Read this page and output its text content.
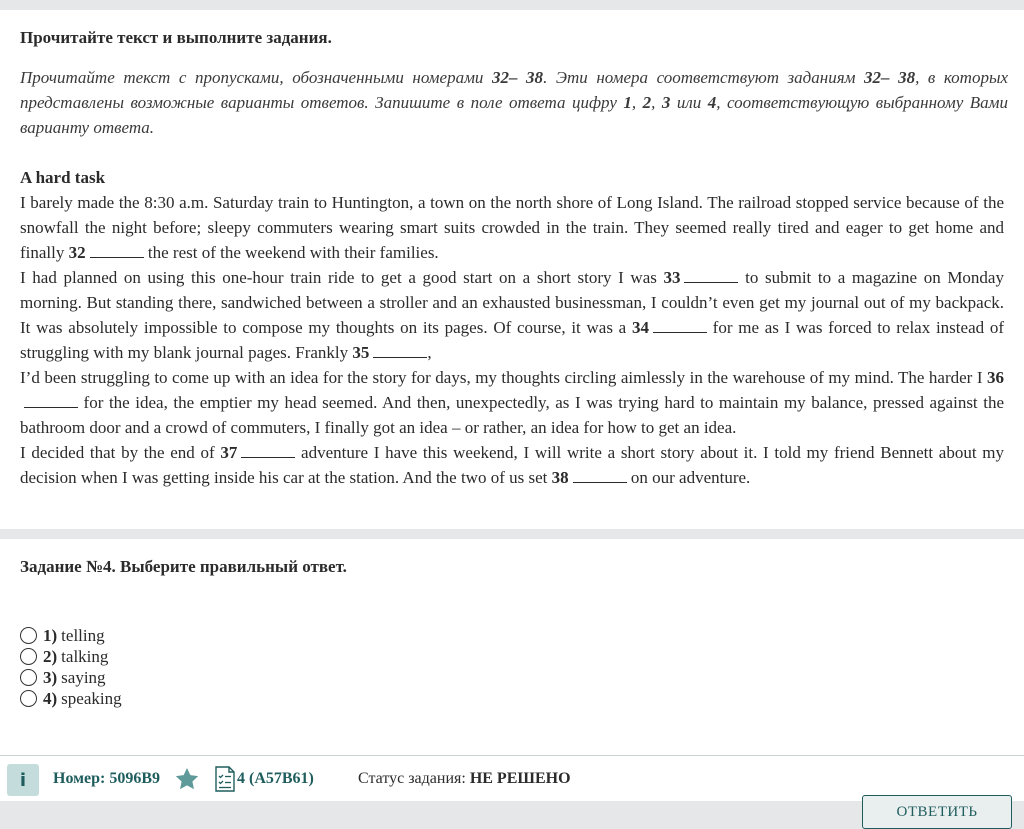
Прочитайте текст и выполните задания.
Прочитайте текст с пропусками, обозначенными номерами 32– 38. Эти номера соответствуют заданиям 32– 38, в которых представлены возможные варианты ответов. Запишите в поле ответа цифру 1, 2, 3 или 4, соответствующую выбранному Вами варианту ответа.
A hard task

I barely made the 8:30 a.m. Saturday train to Huntington, a town on the north shore of Long Island. The railroad stopped service because of the snowfall the night before; sleepy commuters wearing smart suits crowded in the train. They seemed really tired and eager to get home and finally 32	the rest of the weekend with their families.

I had planned on using this one-hour train ride to get a good start on a short story I was 33	to submit to a magazine on Monday morning. But standing there, sandwiched between a stroller and an exhausted businessman, I couldn’t even get my journal out of my backpack. It was absolutely impossible to compose my thoughts on its pages. Of course, it was a 34	for me as I was forced to relax instead of struggling with my blank journal pages. Frankly 35	,

I’d been struggling to come up with an idea for the story for days, my thoughts circling aimlessly in the warehouse of my mind. The harder I 36 for the idea, the emptier my head seemed. And then, unexpectedly, as I was trying hard to maintain my balance, pressed against the bathroom door and a crowd of commuters, I finally got an idea – or rather, an idea for how to get an idea.

I decided that by the end of 37	adventure I have this weekend, I will write a short story about it. I told my friend Bennett about my decision when I was getting inside his car at the station. And the two of us set 38	on our adventure.

Задание №4. Выберите правильный ответ.
1) telling
2) talking
3) saying
4) speaking
i	Номер: 5096B9	4 (A57B61)	Статус задания: НЕ РЕШЕНО
ОТВЕТИТЬ
